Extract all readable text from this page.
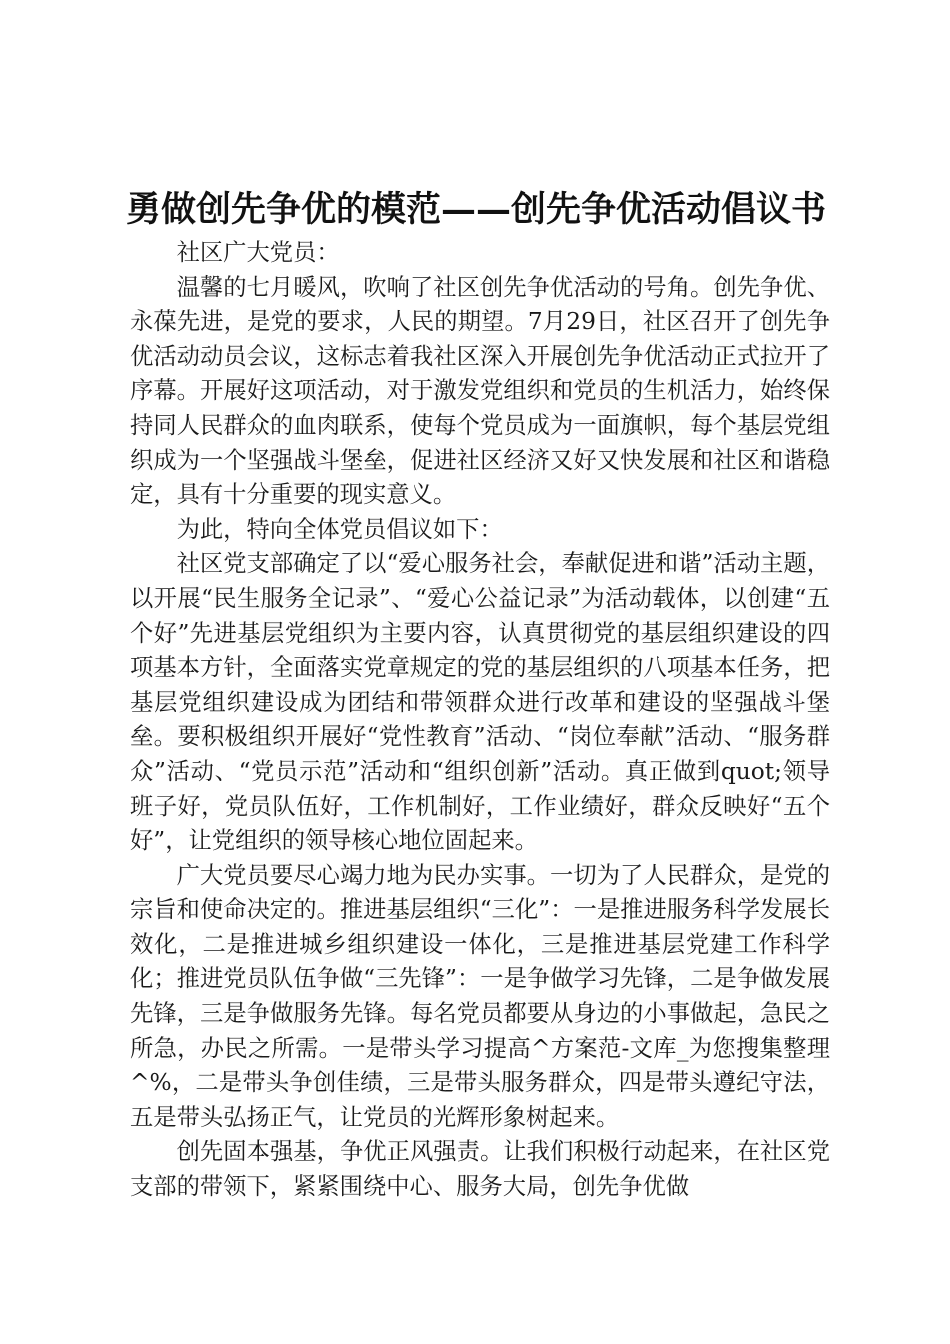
勇做创先争优的模范——创先争优活动倡议书

社区广大党员：

温馨的七月暖风，吹响了社区创先争优活动的号角。创先争优、永葆先进，是党的要求，人民的期望。7月29日，社区召开了创先争优活动动员会议，这标志着我社区深入开展创先争优活动正式拉开了序幕。开展好这项活动，对于激发党组织和党员的生机活力，始终保持同人民群众的血肉联系，使每个党员成为一面旗帜，每个基层党组织成为一个坚强战斗堡垒，促进社区经济又好又快发展和社区和谐稳定，具有十分重要的现实意义。

为此，特向全体党员倡议如下：

社区党支部确定了以“爱心服务社会，奉献促进和谐”活动主题，以开展“民生服务全记录”、“爱心公益记录”为活动载体，以创建“五个好”先进基层党组织为主要内容，认真贯彻党的基层组织建设的四项基本方针，全面落实党章规定的党的基层组织的八项基本任务，把基层党组织建设成为团结和带领群众进行改革和建设的坚强战斗堡垒。要积极组织开展好“党性教育”活动、“岗位奉献”活动、“服务群众”活动、“党员示范”活动和“组织创新”活动。真正做到quot;领导班子好，党员队伍好，工作机制好，工作业绩好，群众反映好“五个好”，让党组织的领导核心地位固起来。

广大党员要尽心竭力地为民办实事。一切为了人民群众，是党的宗旨和使命决定的。推进基层组织“三化”：一是推进服务科学发展长效化，二是推进城乡组织建设一体化，三是推进基层党建工作科学化；推进党员队伍争做“三先锋”：一是争做学习先锋，二是争做发展先锋，三是争做服务先锋。每名党员都要从身边的小事做起，急民之所急，办民之所需。一是带头学习提高^方案范-文库_为您搜集整理^%，二是带头争创佳绩，三是带头服务群众，四是带头遵纪守法，五是带头弘扬正气，让党员的光辉形象树起来。

创先固本强基，争优正风强责。让我们积极行动起来，在社区党支部的带领下，紧紧围绕中心、服务大局，创先争优做
